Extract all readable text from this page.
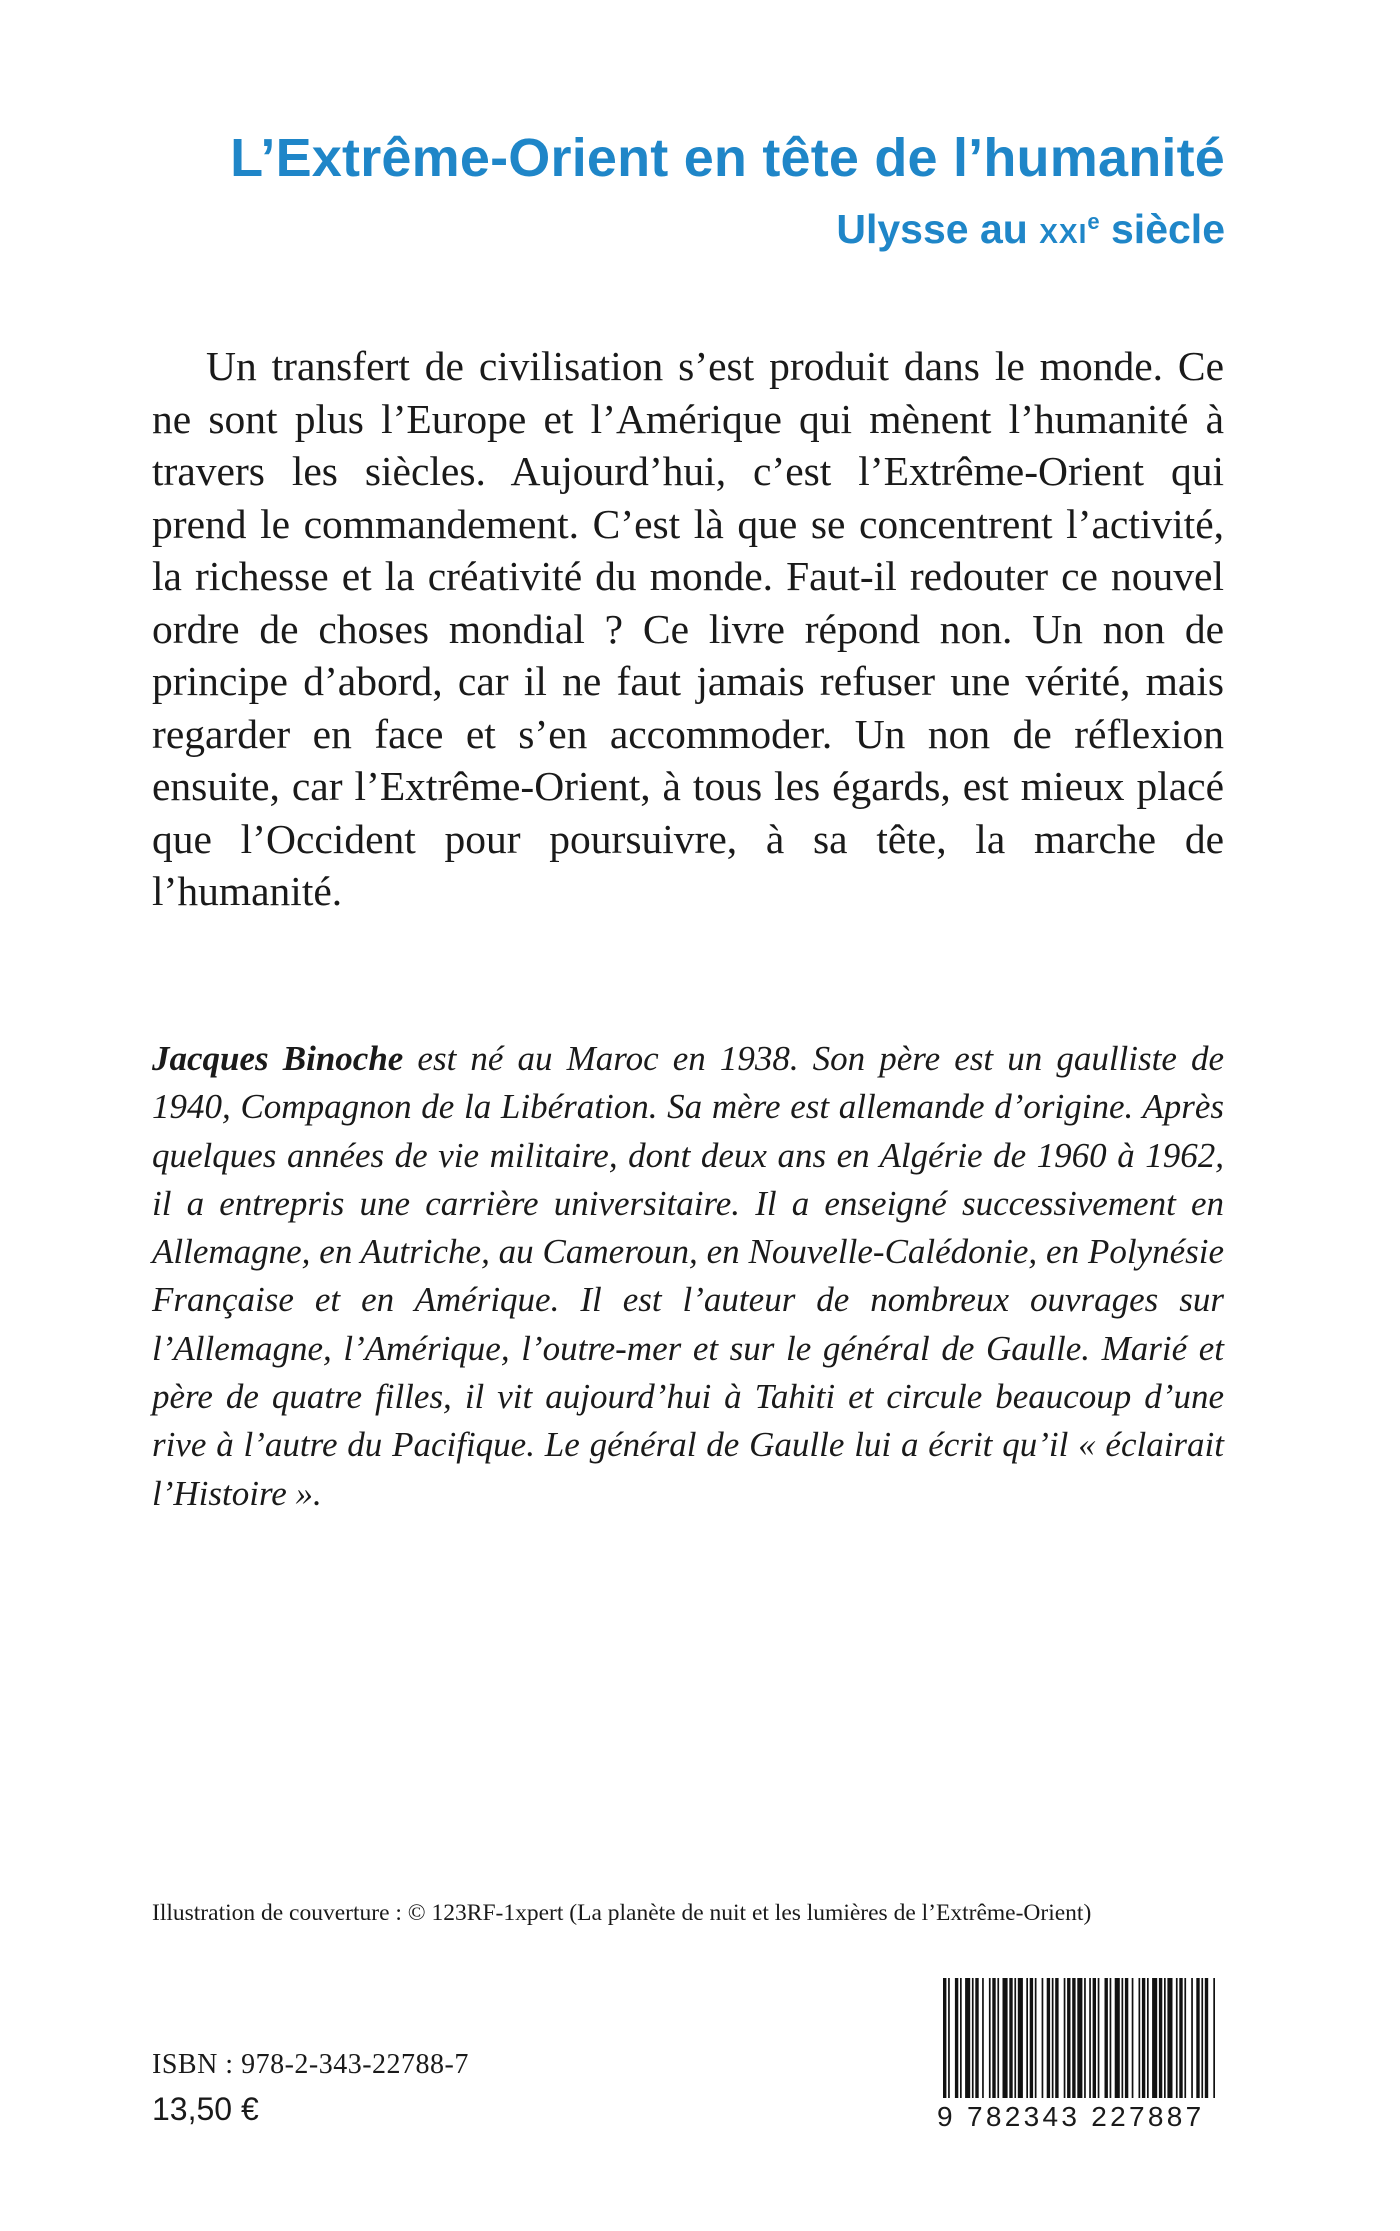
L’Extrême-Orient en tête de l’humanité
Ulysse au XXIe siècle

Un transfert de civilisation s’est produit dans le monde. Ce ne sont plus l’Europe et l’Amérique qui mènent l’humanité à travers les siècles. Aujourd’hui, c’est l’Extrême-Orient qui prend le commandement. C’est là que se concentrent l’activité, la richesse et la créativité du monde. Faut-il redouter ce nouvel ordre de choses mondial ? Ce livre répond non. Un non de principe d’abord, car il ne faut jamais refuser une vérité, mais regarder en face et s’en accommoder. Un non de réflexion ensuite, car l’Extrême-Orient, à tous les égards, est mieux placé que l’Occident pour poursuivre, à sa tête, la marche de l’humanité.

Jacques Binoche est né au Maroc en 1938. Son père est un gaulliste de 1940, Compagnon de la Libération. Sa mère est allemande d’origine. Après quelques années de vie militaire, dont deux ans en Algérie de 1960 à 1962, il a entrepris une carrière universitaire. Il a enseigné successivement en Allemagne, en Autriche, au Cameroun, en Nouvelle-Calédonie, en Polynésie Française et en Amérique. Il est l’auteur de nombreux ouvrages sur l’Allemagne, l’Amérique, l’outre-mer et sur le général de Gaulle. Marié et père de quatre filles, il vit aujourd’hui à Tahiti et circule beaucoup d’une rive à l’autre du Pacifique. Le général de Gaulle lui a écrit qu’il « éclairait l’Histoire ».

Illustration de couverture : © 123RF-1xpert (La planète de nuit et les lumières de l’Extrême-Orient)

ISBN : 978-2-343-22788-7

13,50 €	9 782343 227887
